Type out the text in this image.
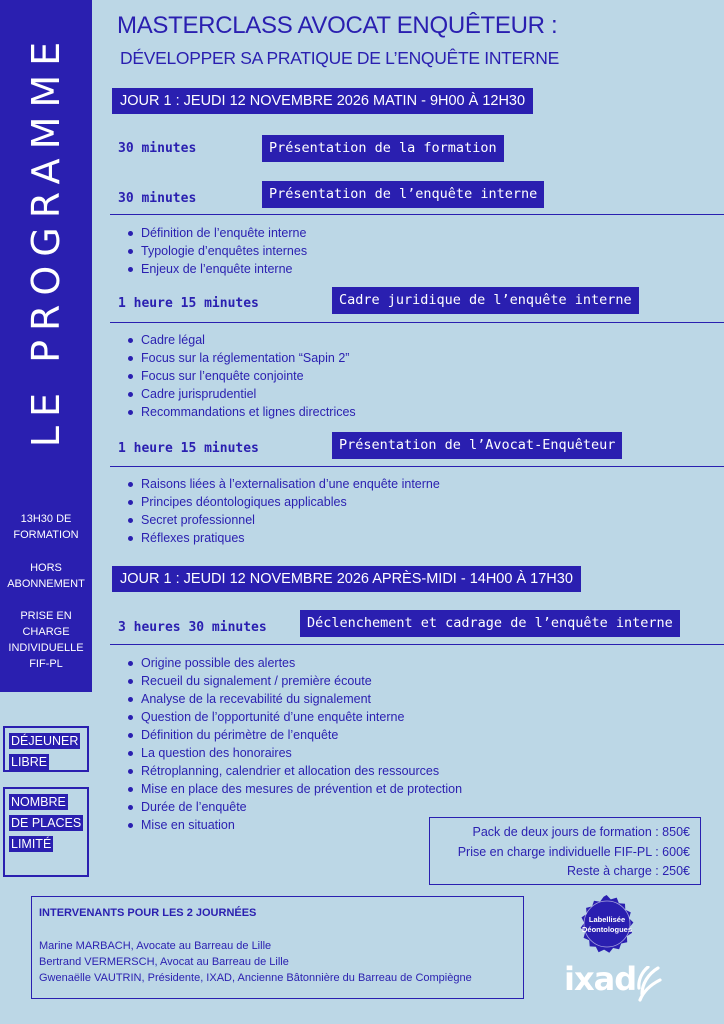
LE PROGRAMME
13H30 DE
FORMATION
HORS
ABONNEMENT
PRISE EN
CHARGE
INDIVIDUELLE
FIF-PL
DÉJEUNER LIBRE
NOMBRE DE PLACES LIMITÉ
MASTERCLASS AVOCAT ENQUÊTEUR :
DÉVELOPPER SA PRATIQUE DE L’ENQUÊTE INTERNE
JOUR 1 : JEUDI 12 NOVEMBRE 2026 MATIN - 9H00 À 12H30
30 minutes	Présentation de la formation
30 minutes	Présentation de l’enquête interne
Définition de l’enquête interne
Typologie d’enquêtes internes
Enjeux de l’enquête interne
1 heure 15 minutes	Cadre juridique de l’enquête interne
Cadre légal
Focus sur la réglementation “Sapin 2”
Focus sur l’enquête conjointe
Cadre jurisprudentiel
Recommandations et lignes directrices
1 heure 15 minutes	Présentation de l’Avocat-Enquêteur
Raisons liées à l’externalisation d’une enquête interne
Principes déontologiques applicables
Secret professionnel
Réflexes pratiques
JOUR 1 : JEUDI 12 NOVEMBRE 2026 APRÈS-MIDI - 14H00 À 17H30
3 heures 30 minutes	Déclenchement et cadrage de l’enquête interne
Origine possible des alertes
Recueil du signalement / première écoute
Analyse de la recevabilité du signalement
Question de l’opportunité d’une enquête interne
Définition du périmètre de l’enquête
La question des honoraires
Rétroplanning, calendrier et allocation des ressources
Mise en place des mesures de prévention et de protection
Durée de l’enquête
Mise en situation	Pack de deux jours de formation : 850€
Prise en charge individuelle FIF-PL : 600€
Reste à charge : 250€
INTERVENANTS POUR LES 2 JOURNÉES
Marine MARBACH, Avocate au Barreau de Lille
Bertrand VERMERSCH, Avocat au Barreau de Lille
Gwenaëlle VAUTRIN, Présidente, IXAD, Ancienne Bâtonnière du Barreau de Compiègne
Labellisée
Déontologues
ixad
